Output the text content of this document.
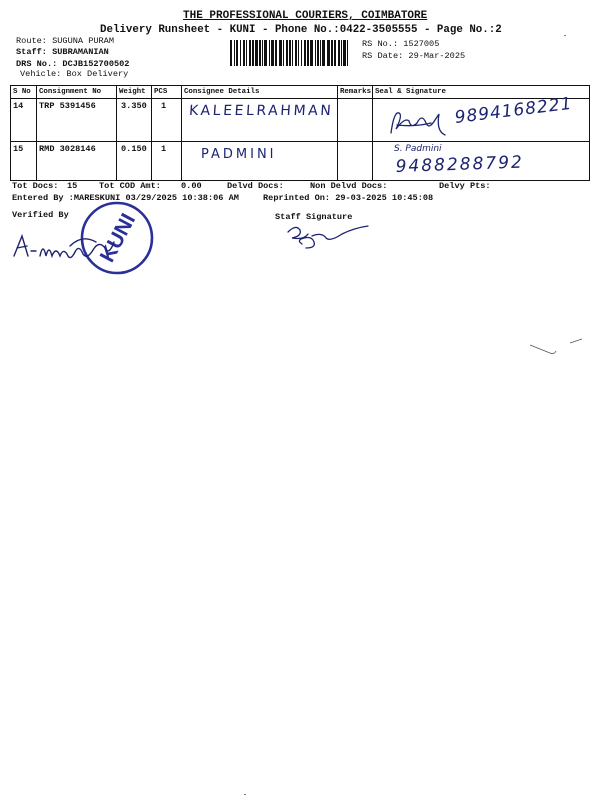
THE PROFESSIONAL COURIERS, COIMBATORE
Delivery Runsheet - KUNI - Phone No.:0422-3505555 - Page No.:2
Route: SUGUNA PURAM
Staff: SUBRAMANIAN
DRS No.: DCJB152700502
Vehicle: Box Delivery
RS No.: 1527005
RS Date: 29-Mar-2025
S No	Consignment No	Weight	PCS	Consignee Details	Remarks	Seal & Signature

14	TRP 5391456	3.350	1	KALEELRAHMAN		9894168221

15	RMD 3028146	0.150	1	PADMINI		S. Padmini
9488288792
Tot Docs: 15	Tot COD Amt: 0.00	Delvd Docs:	Non Delvd Docs:	Delvy Pts:
Entered By :MARESKUNI 03/29/2025 10:38:06 AM	Reprinted On: 29-03-2025 10:45:08
Verified By	Staff Signature
KUNI
